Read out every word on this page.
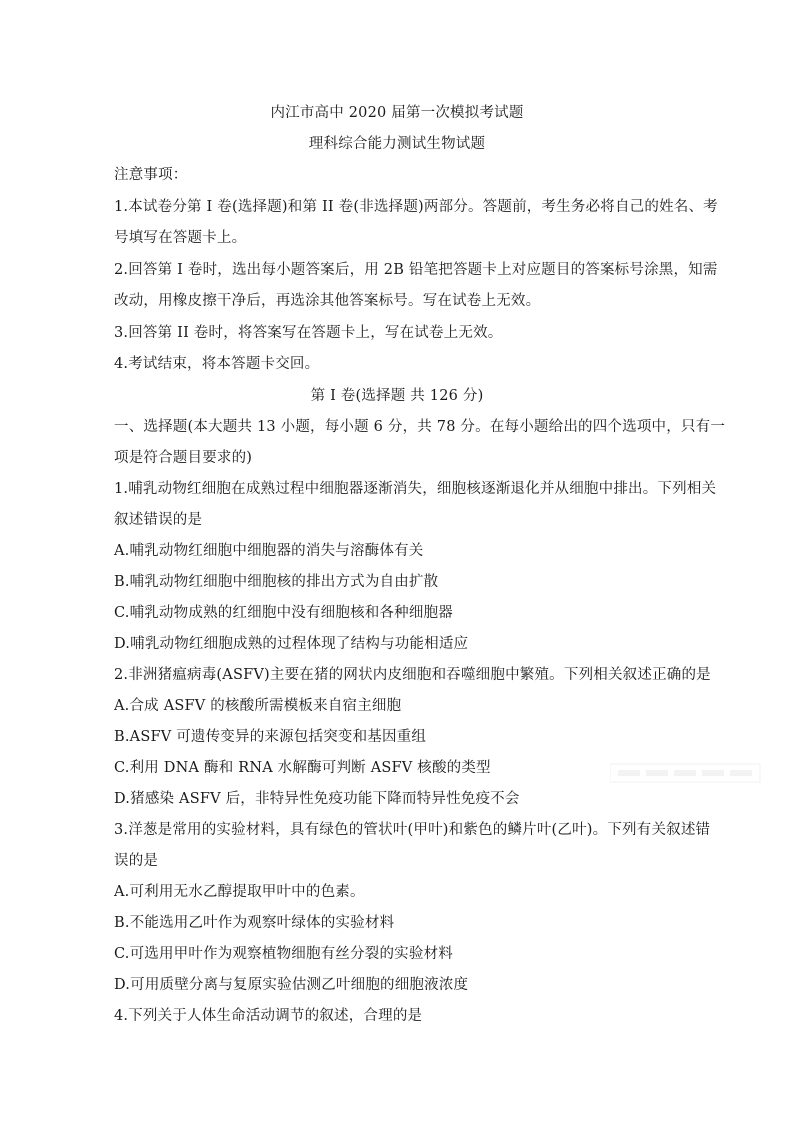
内江市高中 2020 届第一次模拟考试题
理科综合能力测试生物试题
注意事项：
1.本试卷分第 I 卷(选择题)和第 II 卷(非选择题)两部分。答题前，考生务必将自己的姓名、考
号填写在答题卡上。
2.回答第 I 卷时，选出每小题答案后，用 2B 铅笔把答题卡上对应题目的答案标号涂黑，知需
改动，用橡皮擦干净后，再选涂其他答案标号。写在试卷上无效。
3.回答第 II 卷时，将答案写在答题卡上，写在试卷上无效。
4.考试结束，将本答题卡交回。
第 I 卷(选择题 共 126 分)
一、选择题(本大题共 13 小题，每小题 6 分，共 78 分。在每小题给出的四个选项中，只有一
项是符合题目要求的)
1.哺乳动物红细胞在成熟过程中细胞器逐渐消失，细胞核逐渐退化并从细胞中排出。下列相关
叙述错误的是
A.哺乳动物红细胞中细胞器的消失与溶酶体有关
B.哺乳动物红细胞中细胞核的排出方式为自由扩散
C.哺乳动物成熟的红细胞中没有细胞核和各种细胞器
D.哺乳动物红细胞成熟的过程体现了结构与功能相适应
2.非洲猪瘟病毒(ASFV)主要在猪的网状内皮细胞和吞噬细胞中繁殖。下列相关叙述正确的是
A.合成 ASFV 的核酸所需模板来自宿主细胞
B.ASFV 可遗传变异的来源包括突变和基因重组
C.利用 DNA 酶和 RNA 水解酶可判断 ASFV 核酸的类型
D.猪感染 ASFV 后，非特异性免疫功能下降而特异性免疫不会
3.洋葱是常用的实验材料，具有绿色的管状叶(甲叶)和紫色的鳞片叶(乙叶)。下列有关叙述错
误的是
A.可利用无水乙醇提取甲叶中的色素。
B.不能选用乙叶作为观察叶绿体的实验材料
C.可选用甲叶作为观察植物细胞有丝分裂的实验材料
D.可用质壁分离与复原实验估测乙叶细胞的细胞液浓度
4.下列关于人体生命活动调节的叙述，合理的是
